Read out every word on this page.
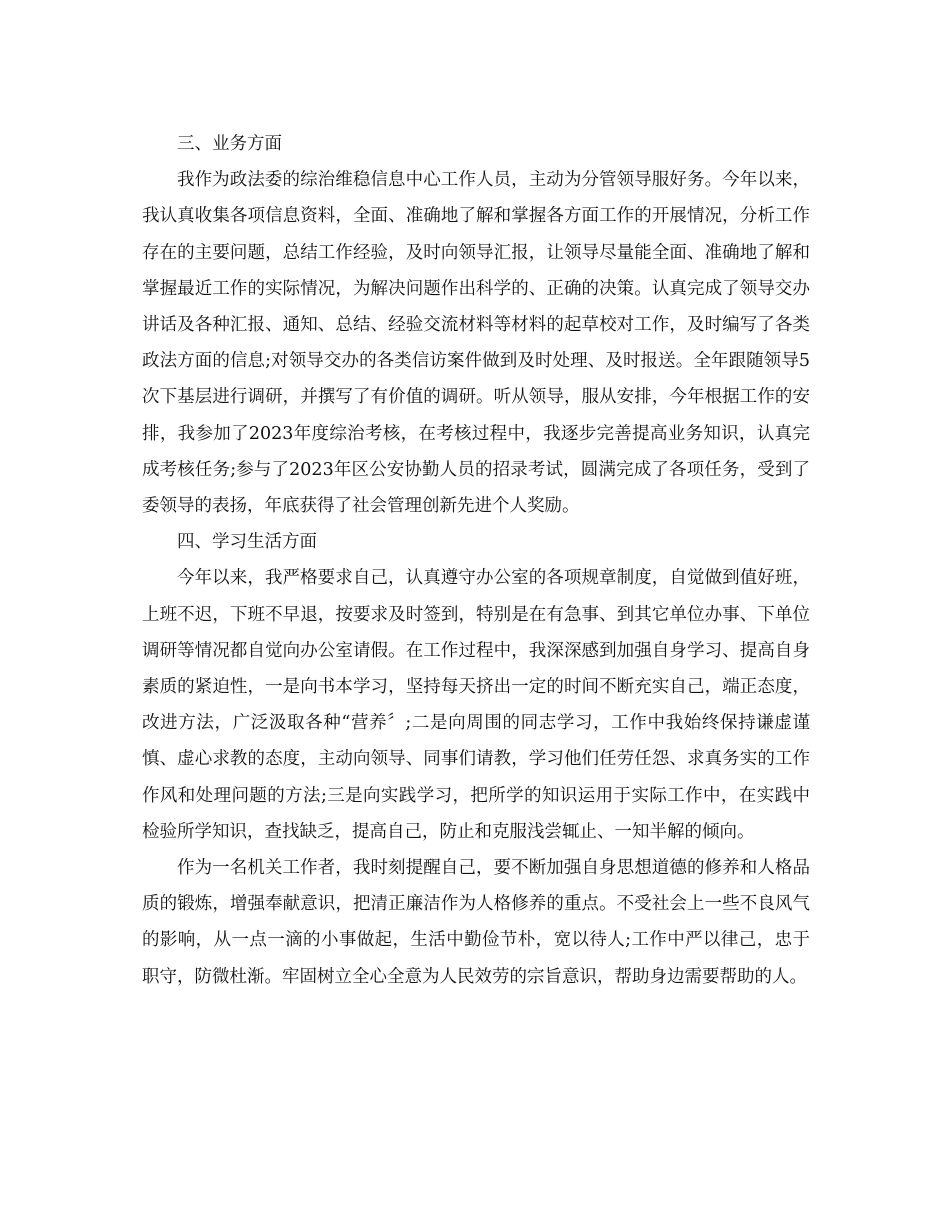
三、业务方面

我作为政法委的综治维稳信息中心工作人员，主动为分管领导服好务。今年以来，我认真收集各项信息资料，全面、准确地了解和掌握各方面工作的开展情况，分析工作存在的主要问题，总结工作经验，及时向领导汇报，让领导尽量能全面、准确地了解和掌握最近工作的实际情况，为解决问题作出科学的、正确的决策。认真完成了领导交办讲话及各种汇报、通知、总结、经验交流材料等材料的起草校对工作，及时编写了各类政法方面的信息;对领导交办的各类信访案件做到及时处理、及时报送。全年跟随领导5次下基层进行调研，并撰写了有价值的调研。听从领导，服从安排，今年根据工作的安排，我参加了2023年度综治考核，在考核过程中，我逐步完善提高业务知识，认真完成考核任务;参与了2023年区公安协勤人员的招录考试，圆满完成了各项任务，受到了委领导的表扬，年底获得了社会管理创新先进个人奖励。

四、学习生活方面

今年以来，我严格要求自己，认真遵守办公室的各项规章制度，自觉做到值好班，上班不迟，下班不早退，按要求及时签到，特别是在有急事、到其它单位办事、下单位调研等情况都自觉向办公室请假。在工作过程中，我深深感到加强自身学习、提高自身素质的紧迫性，一是向书本学习，坚持每天挤出一定的时间不断充实自己，端正态度，改进方法，广泛汲取各种“营养〞;二是向周围的同志学习，工作中我始终保持谦虚谨慎、虚心求教的态度，主动向领导、同事们请教，学习他们任劳任怨、求真务实的工作作风和处理问题的方法;三是向实践学习，把所学的知识运用于实际工作中，在实践中检验所学知识，查找缺乏，提高自己，防止和克服浅尝辄止、一知半解的倾向。

作为一名机关工作者，我时刻提醒自己，要不断加强自身思想道德的修养和人格品质的锻炼，增强奉献意识，把清正廉洁作为人格修养的重点。不受社会上一些不良风气的影响，从一点一滴的小事做起，生活中勤俭节朴，宽以待人;工作中严以律己，忠于职守，防微杜渐。牢固树立全心全意为人民效劳的宗旨意识，帮助身边需要帮助的人。
